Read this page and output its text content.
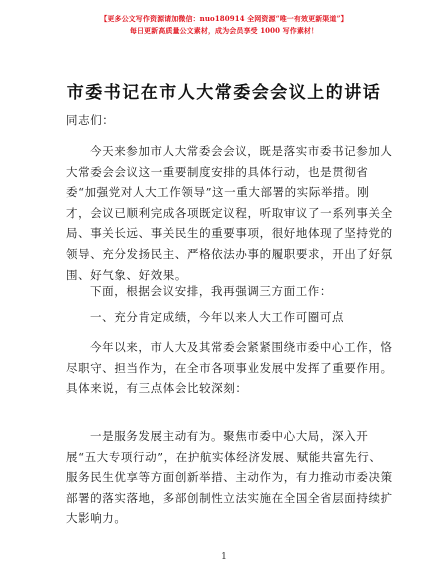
【更多公文写作资源请加微信：nuo180914 全网资源“唯一有效更新渠道”】
每日更新高质量公文素材，成为会员享受 1000 写作素材！
市委书记在市人大常委会会议上的讲话
同志们：
今天来参加市人大常委会会议，既是落实市委书记参加人
大常委会会议这一重要制度安排的具体行动，也是贯彻省
委“加强党对人大工作领导”这一重大部署的实际举措。刚
才，会议已顺利完成各项既定议程，听取审议了一系列事关全
局、事关长远、事关民生的重要事项，很好地体现了坚持党的
领导、充分发扬民主、严格依法办事的履职要求，开出了好氛
围、好气象、好效果。
下面，根据会议安排，我再强调三方面工作：
一、充分肯定成绩，今年以来人大工作可圈可点
今年以来，市人大及其常委会紧紧围绕市委中心工作，恪
尽职守、担当作为，在全市各项事业发展中发挥了重要作用。
具体来说，有三点体会比较深刻：
一是服务发展主动有为。聚焦市委中心大局，深入开
展“五大专项行动”，在护航实体经济发展、赋能共富先行、
服务民生优享等方面创新举措、主动作为，有力推动市委决策
部署的落实落地，多部创制性立法实施在全国全省层面持续扩
大影响力。
1
